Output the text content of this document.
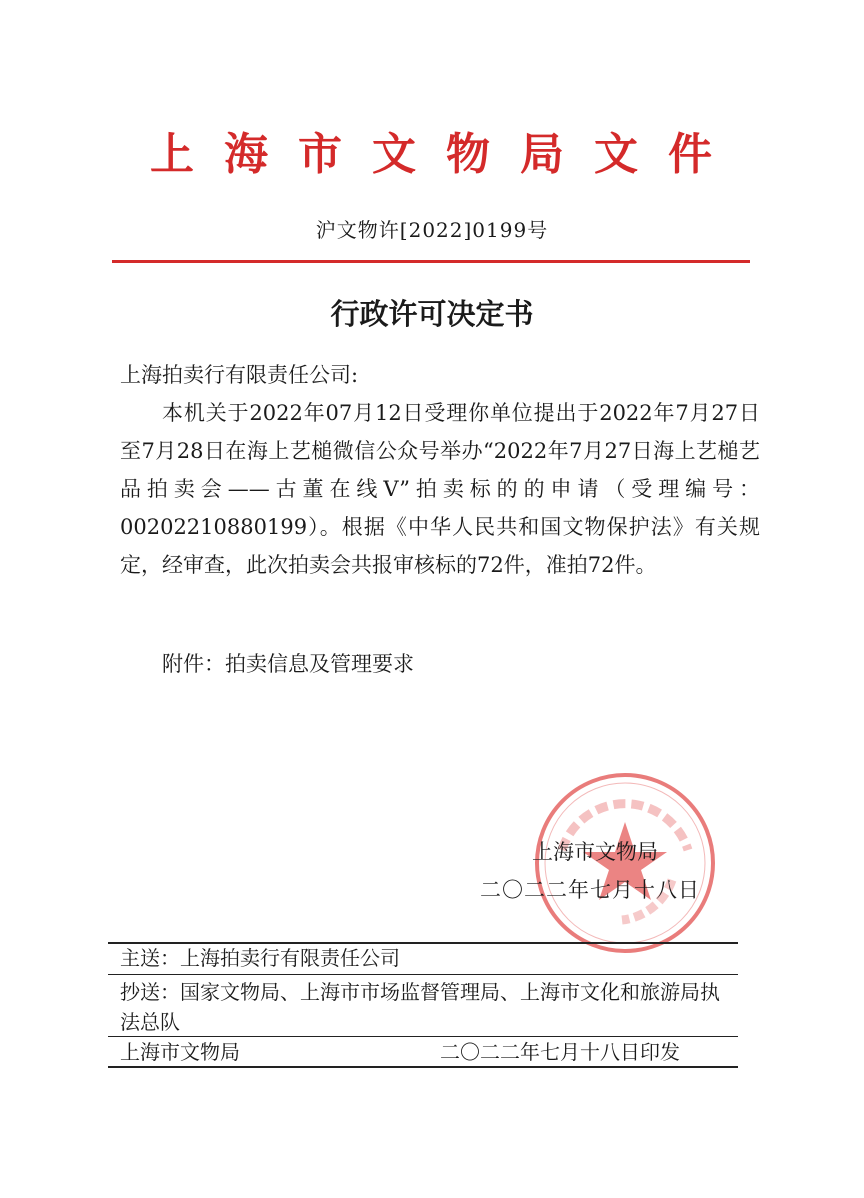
上海市文物局文件
沪文物许[2022]0199号
行政许可决定书
上海拍卖行有限责任公司:
本机关于2022年07月12日受理你单位提出于2022年7月27日至7月28日在海上艺槌微信公众号举办“2022年7月27日海上艺槌艺品拍卖会——古董在线V”拍卖标的的申请（受理编号：00202210880199）。根据《中华人民共和国文物保护法》有关规定，经审查，此次拍卖会共报审核标的72件，准拍72件。
附件：拍卖信息及管理要求
上海市文物局
二〇二二年七月十八日
主送：上海拍卖行有限责任公司
抄送：国家文物局、上海市市场监督管理局、上海市文化和旅游局执法总队
上海市文物局	二〇二二年七月十八日印发
